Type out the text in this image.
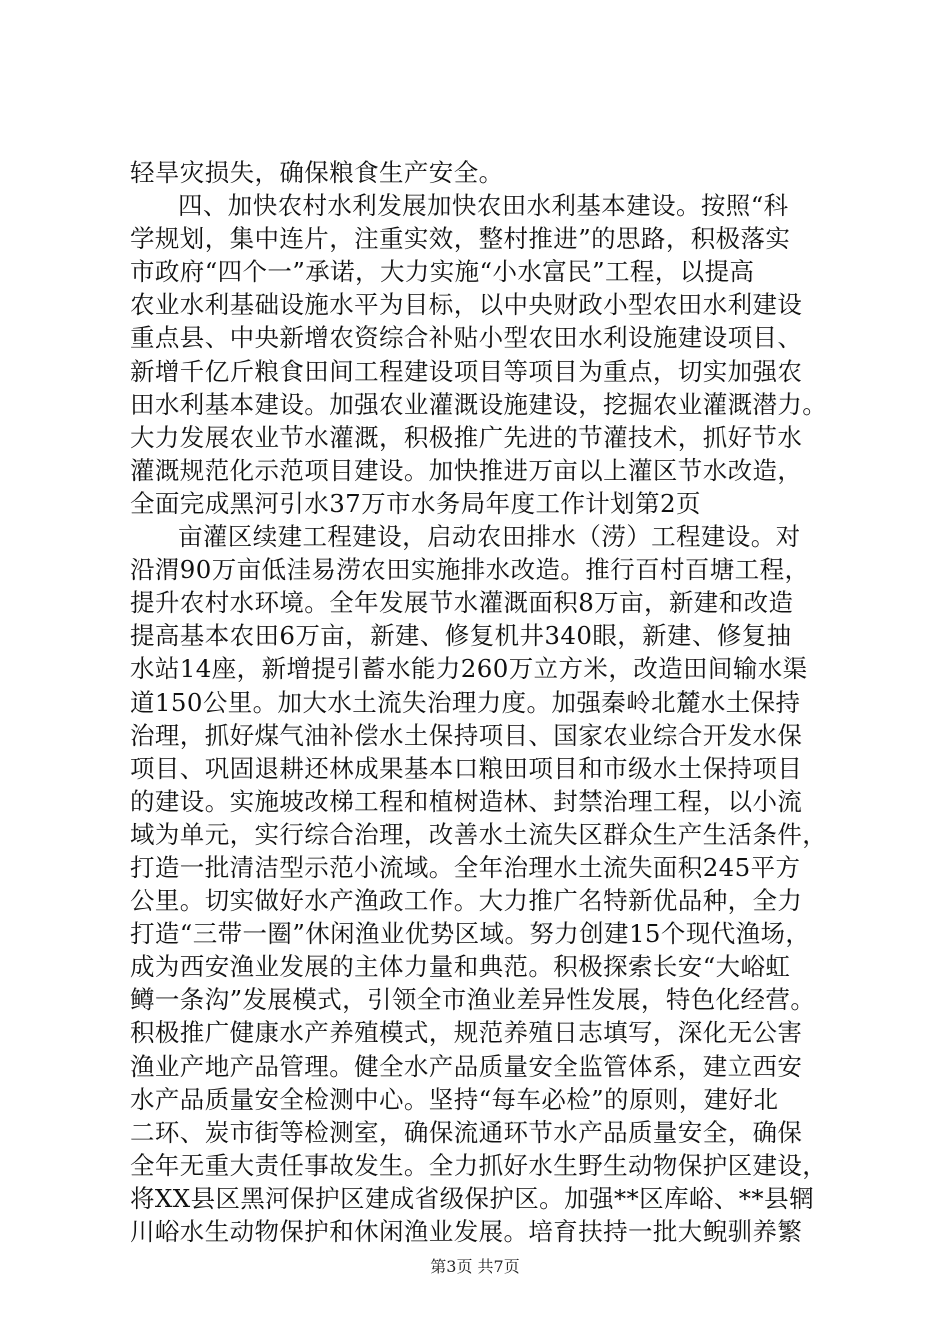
轻旱灾损失，确保粮食生产安全。
四、加快农村水利发展加快农田水利基本建设。按照“科
学规划，集中连片，注重实效，整村推进”的思路，积极落实
市政府“四个一”承诺，大力实施“小水富民”工程，以提高
农业水利基础设施水平为目标，以中央财政小型农田水利建设
重点县、中央新增农资综合补贴小型农田水利设施建设项目、
新增千亿斤粮食田间工程建设项目等项目为重点，切实加强农
田水利基本建设。加强农业灌溉设施建设，挖掘农业灌溉潜力。
大力发展农业节水灌溉，积极推广先进的节灌技术，抓好节水
灌溉规范化示范项目建设。加快推进万亩以上灌区节水改造，
全面完成黑河引水37万市水务局年度工作计划第2页
亩灌区续建工程建设，启动农田排水（涝）工程建设。对
沿渭90万亩低洼易涝农田实施排水改造。推行百村百塘工程，
提升农村水环境。全年发展节水灌溉面积8万亩，新建和改造
提高基本农田6万亩，新建、修复机井340眼，新建、修复抽
水站14座，新增提引蓄水能力260万立方米，改造田间输水渠
道150公里。加大水土流失治理力度。加强秦岭北麓水土保持
治理，抓好煤气油补偿水土保持项目、国家农业综合开发水保
项目、巩固退耕还林成果基本口粮田项目和市级水土保持项目
的建设。实施坡改梯工程和植树造林、封禁治理工程，以小流
域为单元，实行综合治理，改善水土流失区群众生产生活条件，
打造一批清洁型示范小流域。全年治理水土流失面积245平方
公里。切实做好水产渔政工作。大力推广名特新优品种，全力
打造“三带一圈”休闲渔业优势区域。努力创建15个现代渔场，
成为西安渔业发展的主体力量和典范。积极探索长安“大峪虹
鳟一条沟”发展模式，引领全市渔业差异性发展，特色化经营。
积极推广健康水产养殖模式，规范养殖日志填写，深化无公害
渔业产地产品管理。健全水产品质量安全监管体系，建立西安
水产品质量安全检测中心。坚持“每车必检”的原则，建好北
二环、炭市街等检测室，确保流通环节水产品质量安全，确保
全年无重大责任事故发生。全力抓好水生野生动物保护区建设，
将XX县区黑河保护区建成省级保护区。加强**区库峪、**县辋
川峪水生动物保护和休闲渔业发展。培育扶持一批大鲵驯养繁
第3页 共7页
